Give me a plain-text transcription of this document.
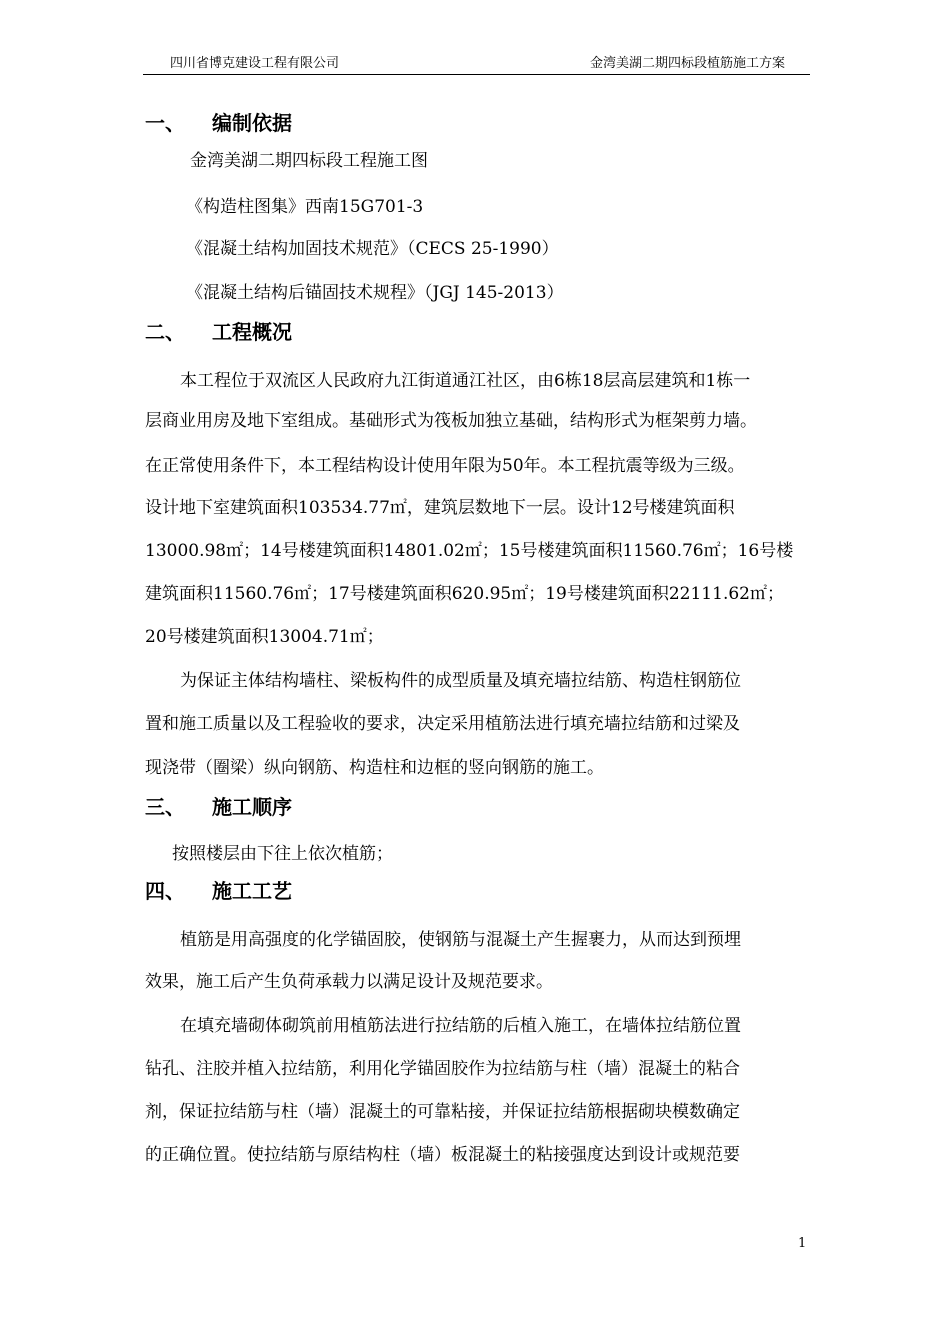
四川省博克建设工程有限公司	金湾美湖二期四标段植筋施工方案
一、 编制依据
金湾美湖二期四标段工程施工图
《构造柱图集》西南15G701-3
《混凝土结构加固技术规范》（CECS 25-1990）
《混凝土结构后锚固技术规程》（JGJ 145-2013）
二、 工程概况
本工程位于双流区人民政府九江街道通江社区，由6栋18层高层建筑和1栋一
层商业用房及地下室组成。基础形式为筏板加独立基础，结构形式为框架剪力墙。
在正常使用条件下，本工程结构设计使用年限为50年。本工程抗震等级为三级。
设计地下室建筑面积103534.77㎡，建筑层数地下一层。设计12号楼建筑面积
13000.98㎡；14号楼建筑面积14801.02㎡；15号楼建筑面积11560.76㎡；16号楼
建筑面积11560.76㎡；17号楼建筑面积620.95㎡；19号楼建筑面积22111.62㎡；
20号楼建筑面积13004.71㎡；
为保证主体结构墙柱、梁板构件的成型质量及填充墙拉结筋、构造柱钢筋位
置和施工质量以及工程验收的要求，决定采用植筋法进行填充墙拉结筋和过梁及
现浇带（圈梁）纵向钢筋、构造柱和边框的竖向钢筋的施工。
三、 施工顺序
按照楼层由下往上依次植筋；
四、 施工工艺
植筋是用高强度的化学锚固胶，使钢筋与混凝土产生握裹力，从而达到预埋
效果，施工后产生负荷承载力以满足设计及规范要求。
在填充墙砌体砌筑前用植筋法进行拉结筋的后植入施工，在墙体拉结筋位置
钻孔、注胶并植入拉结筋，利用化学锚固胶作为拉结筋与柱（墙）混凝土的粘合
剂，保证拉结筋与柱（墙）混凝土的可靠粘接，并保证拉结筋根据砌块模数确定
的正确位置。使拉结筋与原结构柱（墙）板混凝土的粘接强度达到设计或规范要
1
